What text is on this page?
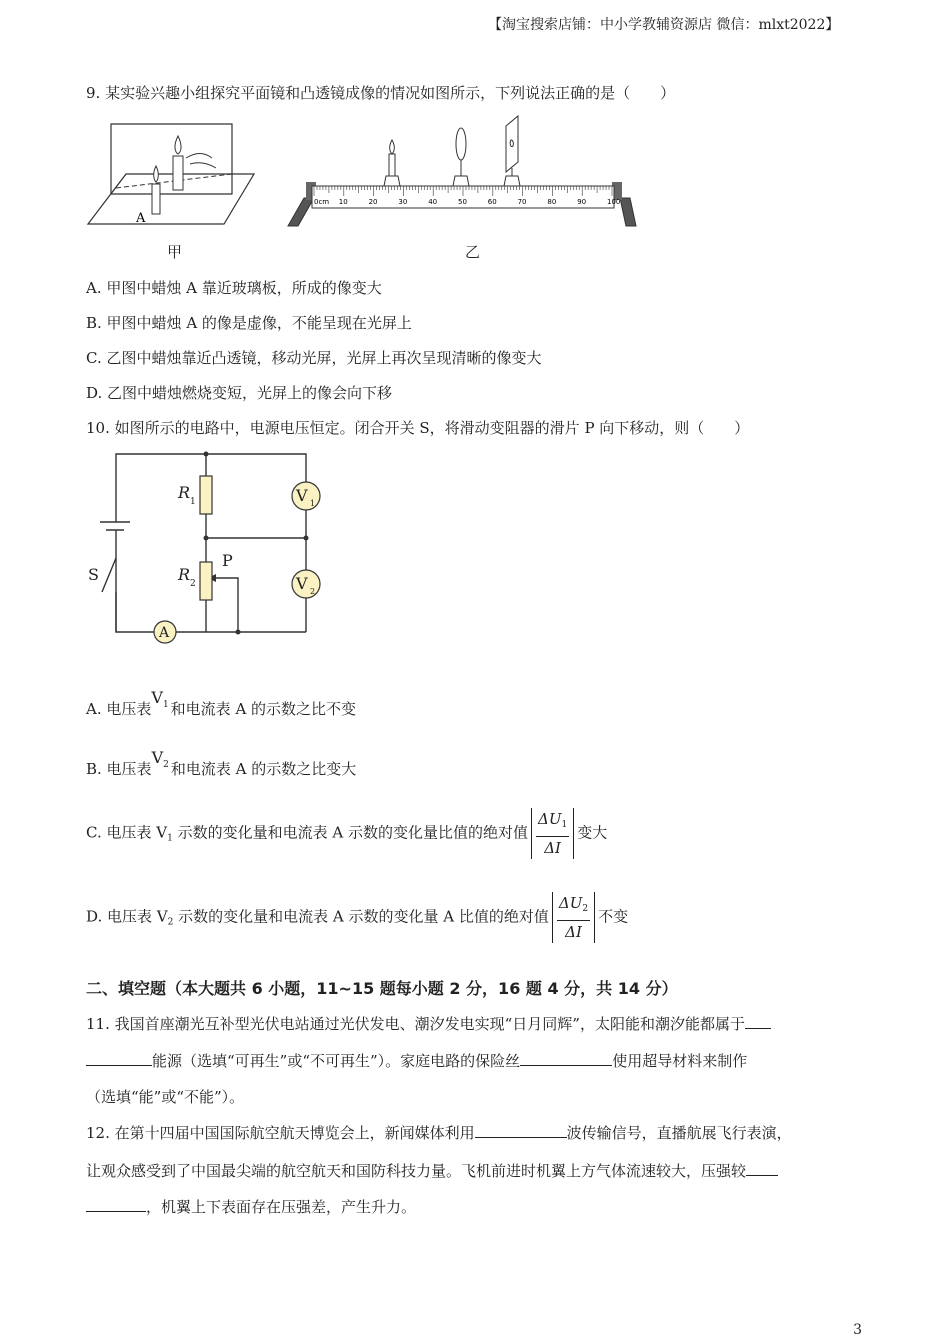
【淘宝搜索店铺：中小学教辅资源店 微信：mlxt2022】
9. 某实验兴趣小组探究平面镜和凸透镜成像的情况如图所示，下列说法正确的是（　　）
A
甲
0cm 10	20	30	40	50	60	70	80	90	100
乙
A. 甲图中蜡烛 A 靠近玻璃板，所成的像变大
B. 甲图中蜡烛 A 的像是虚像，不能呈现在光屏上
C. 乙图中蜡烛靠近凸透镜，移动光屏，光屏上再次呈现清晰的像变大
D. 乙图中蜡烛燃烧变短，光屏上的像会向下移
10. 如图所示的电路中，电源电压恒定。闭合开关 S，将滑动变阻器的滑片 P 向下移动，则（　　）
S
R 1
R 2
P
V 1
V 2
A
A. 电压表$V_1$ 和电流表 A 的示数之比不变
B. 电压表$V_2$ 和电流表 A 的示数之比变大
C. 电压表 $V_1$ 示数的变化量和电流表 A 示数的变化量比值的绝对值 $\frac{\Delta U_1}{\Delta I}$ 变大
D. 电压表 $V_2$ 示数的变化量和电流表 A 示数的变化量 A 比值的绝对值 $\frac{\Delta U_2}{\Delta I}$ 不变
二、填空题（本大题共 6 小题，11~15 题每小题 2 分，16 题 4 分，共 14 分）
11. 我国首座潮光互补型光伏电站通过光伏发电、潮汐发电实现“日月同辉”，太阳能和潮汐能都属于
能源（选填“可再生”或“不可再生”）。家庭电路的保险丝	使用超导材料来制作
（选填“能”或“不能”）。
12. 在第十四届中国国际航空航天博览会上，新闻媒体利用	波传输信号，直播航展飞行表演，
让观众感受到了中国最尖端的航空航天和国防科技力量。飞机前进时机翼上方气体流速较大，压强较
，机翼上下表面存在压强差，产生升力。
3
